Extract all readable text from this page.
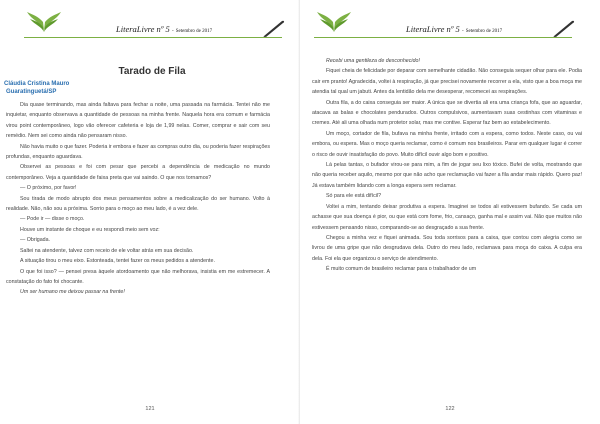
LiteraLivre nº 5 - Setembro de 2017
Tarado de Fila
Cláudia Cristina Mauro
Guaratinguetá/SP

Dia quase terminando, mas ainda faltava para fechar a noite, uma passada na farmácia. Tentei não me inquietar, enquanto observava a quantidade de pessoas na minha frente. Naquela hora era comum e farmácia virou point contemporâneo, logo vão oferecer cafeteria e loja de 1,99 nelas. Comer, comprar e sair com seu remédio. Nem sei como ainda não pensaram nisso.

Não havia muito o que fazer. Poderia ir embora e fazer as compras outro dia, ou poderia fazer respirações profundas, enquanto aguardava.

Observei as pessoas e foi com pesar que percebi a dependência de medicação no mundo contemporâneo. Veja a quantidade de faixa preta que vai saindo. O que nos tornamos?

— O próximo, por favor!

Sou tirada de modo abrupto dos meus pensamentos sobre a medicalização do ser humano. Volto à realidade. Não, não sou a próxima. Sorrio para o moço ao meu lado, é a vez dele.

— Pode ir — disse o moço.

Houve um instante de choque e eu respondi meio sem voz:

— Obrigada.

Saltei na atendente, talvez com receio de ele voltar atrás em sua decisão.

A situação tirou o meu eixo. Estonteada, tentei fazer os meus pedidos a atendente.

O que foi isso? — pensei presa àquele atordoamento que não melhorava, insistia em me estremecer. A constatação do fato foi chocante.

Um ser humano me deixou passar na frente!

121
LiteraLivre nº 5 - Setembro de 2017

Recebi uma gentileza de desconhecido!

Fiquei cheia de felicidade por deparar com semelhante cidadão. Não conseguia sequer olhar para ele. Podia cair em pranto! Agradecida, voltei à respiração, já que precisei novamente recorrer a ela, visto que a boa moça me atendia tal qual um jabuti. Antes da lentidão dela me desesperar, recomecei as respirações.

Outra fila, a do caixa conseguia ser maior. A única que se divertia ali era uma criança fofa, que ao aguardar, atacava as balas e chocolates pendurados. Outros compulsivos, aumentavam suas cestinhas com vitaminas e cremes. Até ali uma olhada num protetor solar, mas me contive. Esperar faz bem ao estabelecimento.

Um moço, cortador de fila, bufava na minha frente, irritado com a espera, como todos. Neste caso, ou vai embora, ou espera. Mas o moço queria reclamar, como é comum nos brasileiros. Parar em qualquer lugar é correr o risco de ouvir insatisfação do povo. Muito difícil ouvir algo bom e positivo.

Lá pelas tantas, o bufador virou-se para mim, a fim de jogar seu lixo tóxico. Bufei de volta, mostrando que não queria receber aquilo, mesmo por que não acho que reclamação vai fazer a fila andar mais rápido. Quero paz! Já estava também lidando com a longa espera sem reclamar.

Só para ele está difícil?

Voltei a mim, tentando deixar produtiva a espera. Imaginei se todos ali estivessem bufando. Se cada um achasse que sua doença é pior, ou que está com fome, frio, cansaço, ganha mal e assim vai. Não que muitos não estivessem pensando nisso, comparando-se ao desgraçado a sua frente.

Chegou a minha vez e fiquei animada. Sou toda sorrisos para a caixa, que contou com alegria como se livrou de uma gripe que não desgrudava dela. Outro do meu lado, reclamava para moça do caixa. A culpa era dela. Foi ela que organizou o serviço de atendimento.

É muito comum de brasileiro reclamar para o trabalhador de um

122
